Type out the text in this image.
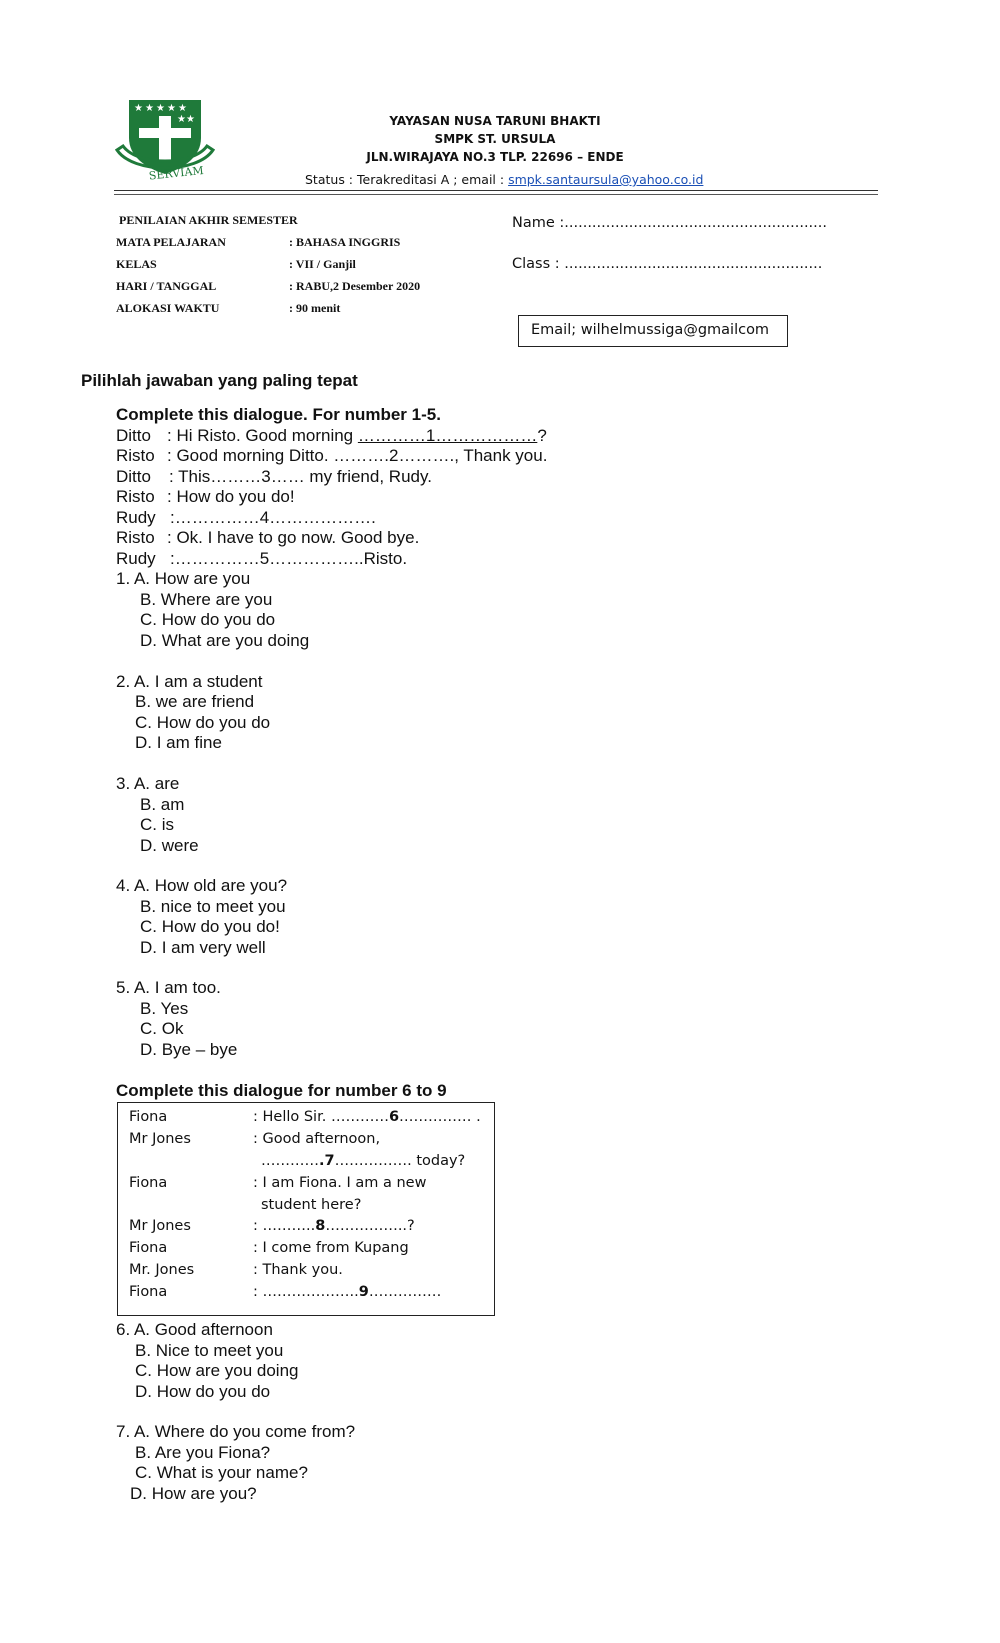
★ ★ ★ ★ ★
★★
SERVIAM
YAYASAN NUSA TARUNI BHAKTI
SMPK ST. URSULA
JLN.WIRAJAYA NO.3 TLP. 22696 – ENDE
Status : Terakreditasi A ; email : smpk.santaursula@yahoo.co.id
PENILAIAN AKHIR SEMESTER
MATA PELAJARAN	: BAHASA INGGRIS
KELAS	: VII / Ganjil
HARI / TANGGAL	: RABU,2 Desember 2020
ALOKASI WAKTU	: 90 menit
Name :.........................................................
Class : ........................................................
Email; wilhelmussiga@gmailcom
Pilihlah jawaban yang paling tepat
Complete this dialogue. For number 1-5.
Ditto : Hi Risto. Good morning …………1………………?
Risto : Good morning Ditto. ……….2………., Thank you.
Ditto : This………3…… my friend, Rudy.
Risto : How do you do!
Rudy :……………4……………….
Risto : Ok. I have to go now. Good bye.
Rudy :……………5……………..Risto.
1. A. How are you
B. Where are you
C. How do you do
D. What are you doing
2. A. I am a student
B. we are friend
C. How do you do
D. I am fine
3. A. are
B. am
C. is
D. were
4. A. How old are you?
B. nice to meet you
C. How do you do!
D. I am very well
5. A. I am too.
B. Yes
C. Ok
D. Bye – bye
Complete this dialogue for number 6 to 9
Fiona	: Hello Sir. …………6…………… .
Mr Jones	: Good afternoon,
………….7……………. today?
Fiona	: I am Fiona. I am a new
student here?
Mr Jones	: ………..8……………..?
Fiona	: I come from Kupang
Mr. Jones	: Thank you.
Fiona	: ………………..9……………
6. A. Good afternoon
B. Nice to meet you
C. How are you doing
D. How do you do
7. A. Where do you come from?
B. Are you Fiona?
C. What is your name?
D. How are you?
